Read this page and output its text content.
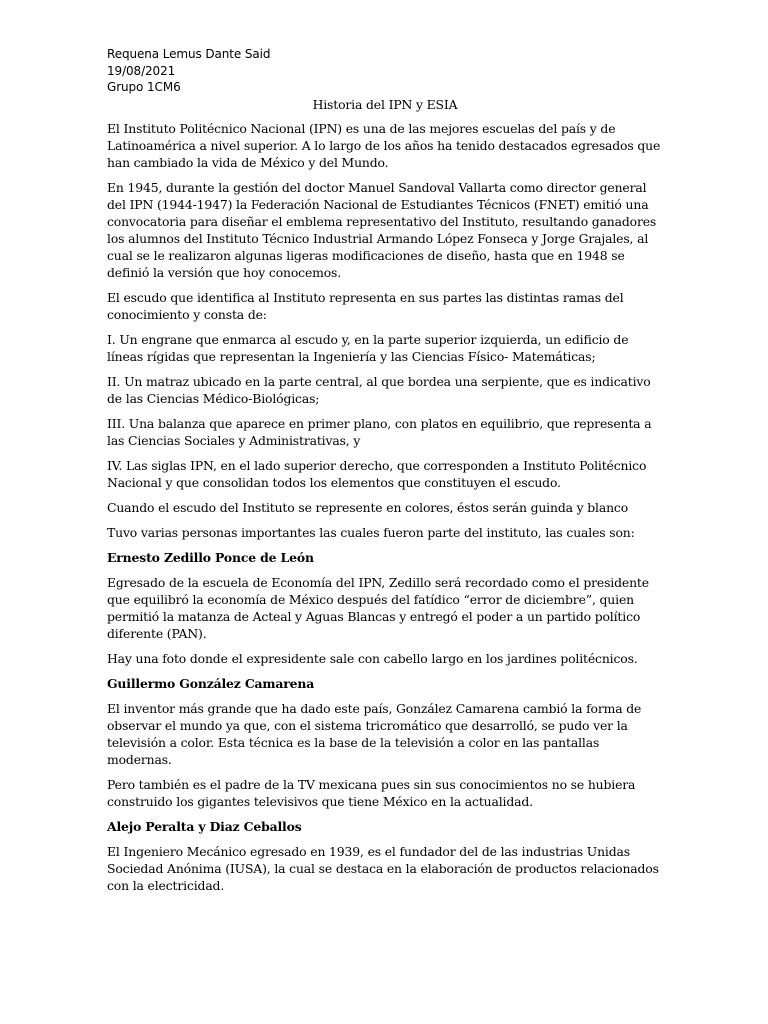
Requena Lemus Dante Said
19/08/2021
Grupo 1CM6
Historia del IPN y ESIA

El Instituto Politécnico Nacional (IPN) es una de las mejores escuelas del país y de Latinoamérica a nivel superior. A lo largo de los años ha tenido destacados egresados que han cambiado la vida de México y del Mundo.

En 1945, durante la gestión del doctor Manuel Sandoval Vallarta como director general del IPN (1944-1947) la Federación Nacional de Estudiantes Técnicos (FNET) emitió una convocatoria para diseñar el emblema representativo del Instituto, resultando ganadores los alumnos del Instituto Técnico Industrial Armando López Fonseca y Jorge Grajales, al cual se le realizaron algunas ligeras modificaciones de diseño, hasta que en 1948 se definió la versión que hoy conocemos.

El escudo que identifica al Instituto representa en sus partes las distintas ramas del conocimiento y consta de:

I. Un engrane que enmarca al escudo y, en la parte superior izquierda, un edificio de líneas rígidas que representan la Ingeniería y las Ciencias Físico- Matemáticas;

II. Un matraz ubicado en la parte central, al que bordea una serpiente, que es indicativo de las Ciencias Médico-Biológicas;

III. Una balanza que aparece en primer plano, con platos en equilibrio, que representa a las Ciencias Sociales y Administrativas, y

IV. Las siglas IPN, en el lado superior derecho, que corresponden a Instituto Politécnico Nacional y que consolidan todos los elementos que constituyen el escudo.

Cuando el escudo del Instituto se represente en colores, éstos serán guinda y blanco

Tuvo varias personas importantes las cuales fueron parte del instituto, las cuales son:

Ernesto Zedillo Ponce de León

Egresado de la escuela de Economía del IPN, Zedillo será recordado como el presidente que equilibró la economía de México después del fatídico “error de diciembre”, quien permitió la matanza de Acteal y Aguas Blancas y entregó el poder a un partido político diferente (PAN).

Hay una foto donde el expresidente sale con cabello largo en los jardines politécnicos.

Guillermo González Camarena

El inventor más grande que ha dado este país, González Camarena cambió la forma de observar el mundo ya que, con el sistema tricromático que desarrolló, se pudo ver la televisión a color. Esta técnica es la base de la televisión a color en las pantallas modernas.

Pero también es el padre de la TV mexicana pues sin sus conocimientos no se hubiera construido los gigantes televisivos que tiene México en la actualidad.

Alejo Peralta y Diaz Ceballos

El Ingeniero Mecánico egresado en 1939, es el fundador del de las industrias Unidas Sociedad Anónima (IUSA), la cual se destaca en la elaboración de productos relacionados con la electricidad.
